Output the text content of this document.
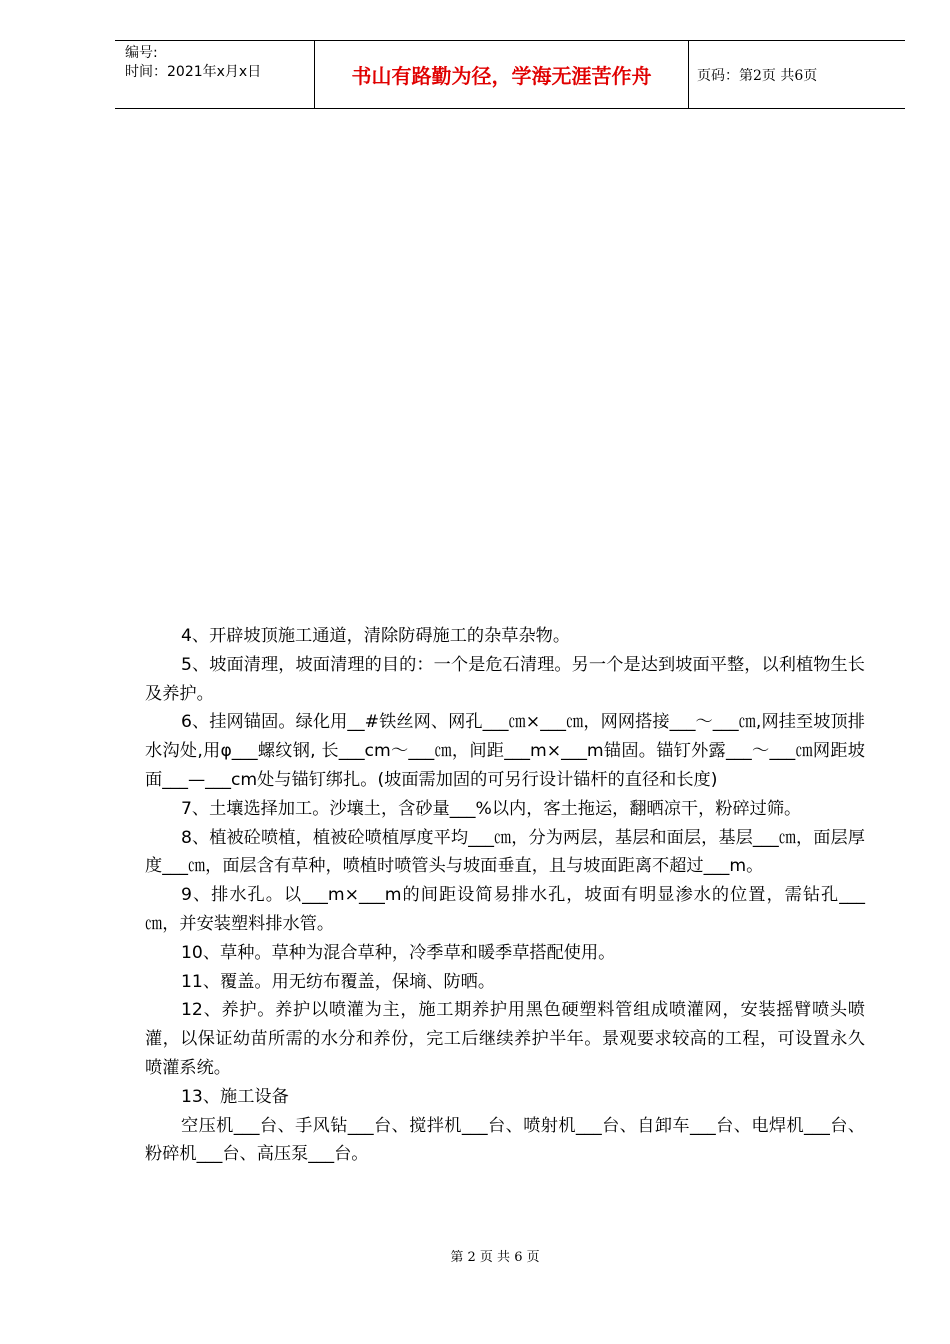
编号:
时间：2021年x月x日	书山有路勤为径，学海无涯苦作舟	页码：第2页 共6页

4、开辟坡顶施工通道，清除防碍施工的杂草杂物。

5、坡面清理，坡面清理的目的：一个是危石清理。另一个是达到坡面平整，以利植物生长及养护。

6、挂网锚固。绿化用__#铁丝网、网孔___㎝×___㎝，网网搭接___～___㎝,网挂至坡顶排水沟处,用φ___螺纹钢, 长___cm～___㎝，间距___m×___m锚固。锚钉外露___～___㎝网距坡面___—___cm处与锚钉绑扎。(坡面需加固的可另行设计锚杆的直径和长度)

7、土壤选择加工。沙壤土，含砂量___%以内，客土拖运，翻晒凉干，粉碎过筛。

8、植被砼喷植，植被砼喷植厚度平均___㎝，分为两层，基层和面层，基层___㎝，面层厚度___㎝，面层含有草种，喷植时喷管头与坡面垂直，且与坡面距离不超过___m。

9、排水孔。以___m×___m的间距设简易排水孔，坡面有明显渗水的位置，需钻孔___㎝，并安装塑料排水管。

10、草种。草种为混合草种，冷季草和暖季草搭配使用。

11、覆盖。用无纺布覆盖，保墒、防晒。

12、养护。养护以喷灌为主，施工期养护用黑色硬塑料管组成喷灌网，安装摇臂喷头喷灌，以保证幼苗所需的水分和养份，完工后继续养护半年。景观要求较高的工程，可设置永久喷灌系统。

13、施工设备

空压机___台、手风钻___台、搅拌机___台、喷射机___台、自卸车___台、电焊机___台、粉碎机___台、高压泵___台。

第 2 页 共 6 页
